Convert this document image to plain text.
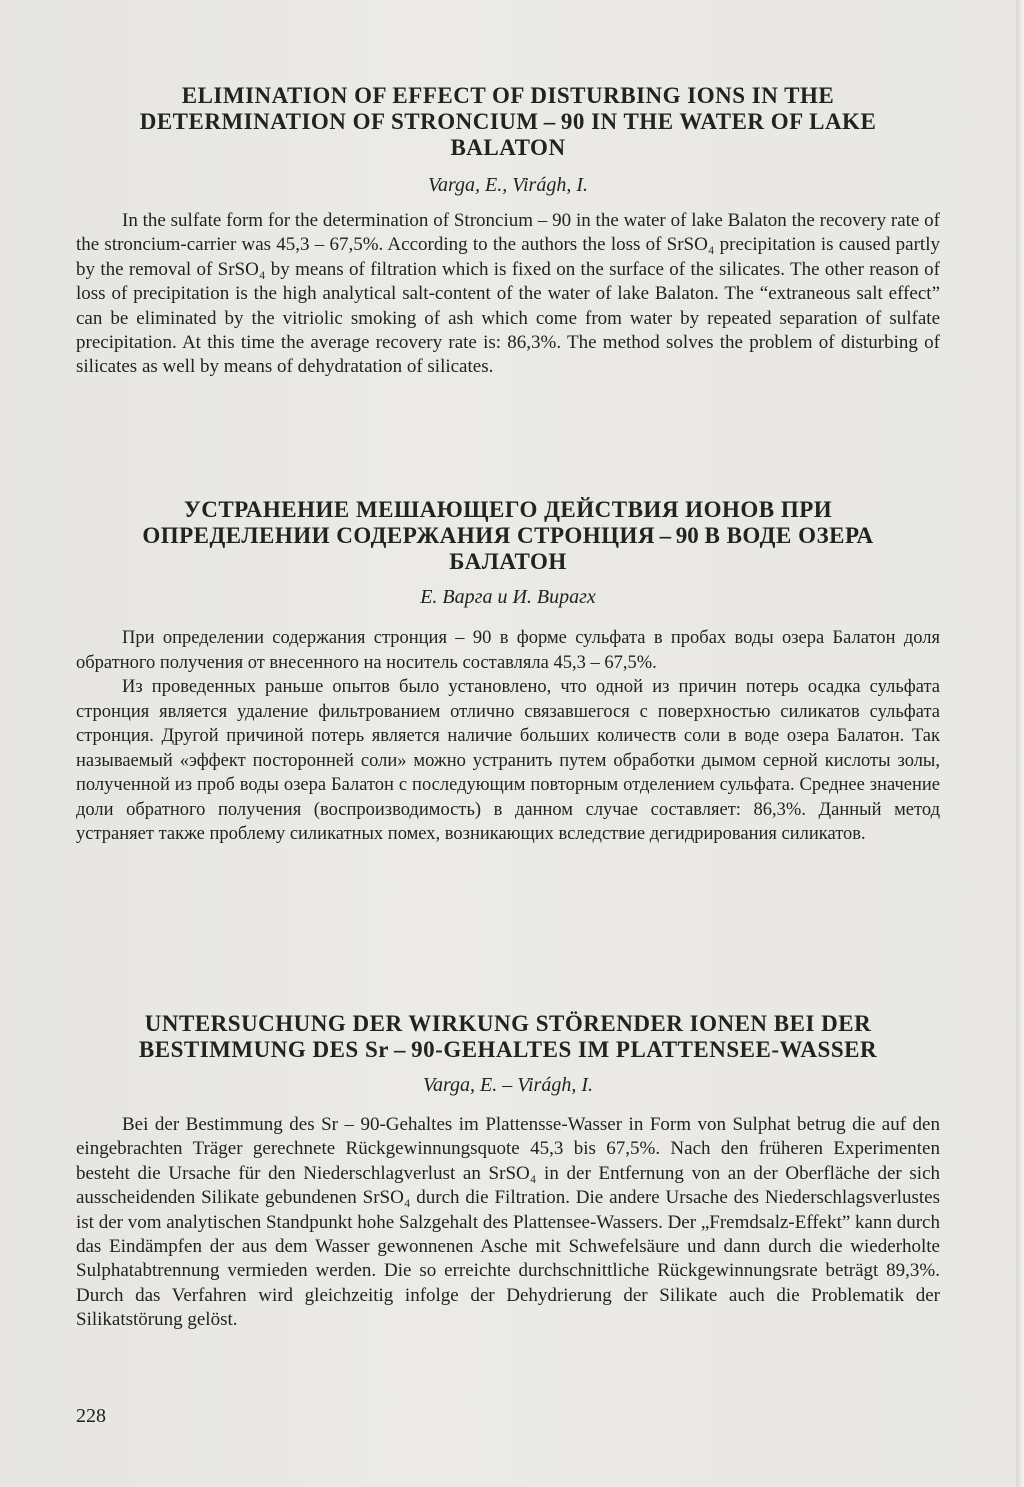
ELIMINATION OF EFFECT OF DISTURBING IONS IN THE
DETERMINATION OF STRONCIUM – 90 IN THE WATER OF LAKE
BALATON

Varga, E., Virágh, I.

In the sulfate form for the determination of Stroncium – 90 in the water of lake Balaton the recovery rate of the stroncium-carrier was 45,3 – 67,5%. According to the authors the loss of SrSO₄ precipitation is caused partly by the removal of SrSO₄ by means of filtration which is fixed on the surface of the silicates. The other reason of loss of precipitation is the high analytical salt-content of the water of lake Balaton. The “extraneous salt effect” can be eliminated by the vitriolic smoking of ash which come from water by repeated separation of sulfate precipitation. At this time the average recovery rate is: 86,3%. The method solves the problem of disturbing of silicates as well by means of dehydratation of silicates.

УСТРАНЕНИЕ МЕШАЮЩЕГО ДЕЙСТВИЯ ИОНОВ ПРИ
ОПРЕДЕЛЕНИИ СОДЕРЖАНИЯ СТРОНЦИЯ – 90 В ВОДЕ ОЗЕРА
БАЛАТОН

Е. Варга и И. Вирагх

При определении содержания стронция – 90 в форме сульфата в пробах воды озера Балатон доля обратного получения от внесенного на носитель составляла 45,3 – 67,5%.

Из проведенных раньше опытов было установлено, что одной из причин потерь осадка сульфата стронция является удаление фильтрованием отлично связавшегося с поверхностью силикатов сульфата стронция. Другой причиной потерь является наличие больших количеств соли в воде озера Балатон. Так называемый «эффект посторонней соли» можно устранить путем обработки дымом серной кислоты золы, полученной из проб воды озера Балатон с последующим повторным отделением сульфата. Среднее значение доли обратного получения (воспроизводимость) в данном случае составляет: 86,3%. Данный метод устраняет также проблему силикатных помех, возникающих вследствие дегидрирования силикатов.

UNTERSUCHUNG DER WIRKUNG STÖRENDER IONEN BEI DER
BESTIMMUNG DES Sr – 90-GEHALTES IM PLATTENSEE-WASSER

Varga, E. – Virágh, I.

Bei der Bestimmung des Sr – 90-Gehaltes im Plattensse-Wasser in Form von Sulphat betrug die auf den eingebrachten Träger gerechnete Rückgewinnungsquote 45,3 bis 67,5%. Nach den früheren Experimenten besteht die Ursache für den Niederschlagverlust an SrSO₄ in der Entfernung von an der Oberfläche der sich ausscheidenden Silikate gebundenen SrSO₄ durch die Filtration. Die andere Ursache des Niederschlagsverlustes ist der vom analytischen Standpunkt hohe Salzgehalt des Plattensee-Wassers. Der „Fremdsalz-Effekt” kann durch das Eindämpfen der aus dem Wasser gewonnenen Asche mit Schwefelsäure und dann durch die wiederholte Sulphatabtrennung vermieden werden. Die so erreichte durchschnittliche Rückgewinnungsrate beträgt 89,3%. Durch das Verfahren wird gleichzeitig infolge der Dehydrierung der Silikate auch die Problematik der Silikatstörung gelöst.

228
